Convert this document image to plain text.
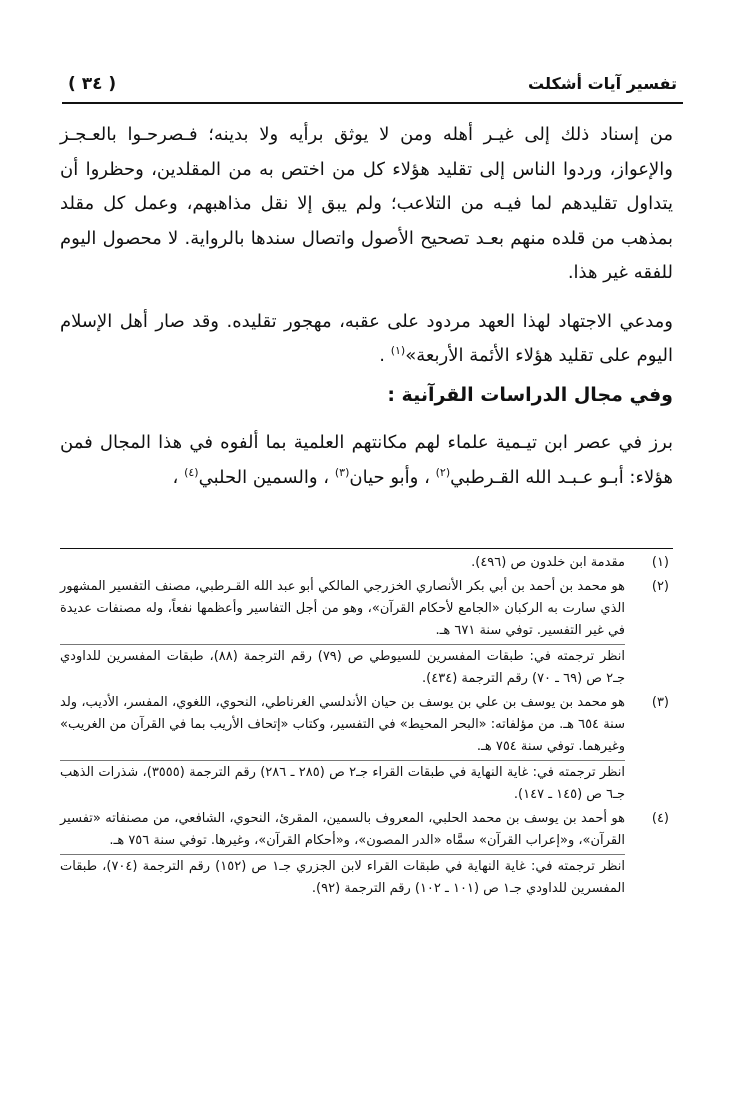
تفسير آيات أشكلت
( ٣٤ )

من إسناد ذلك إلى غيـر أهله ومن لا يوثق برأيه ولا بدينه؛ فـصرحـوا بالعـجـز والإعواز، وردوا الناس إلى تقليد هؤلاء كل من اختص به من المقلدين، وحظروا أن يتداول تقليدهم لما فيـه من التلاعب؛ ولم يبق إلا نقل مذاهبهم، وعمل كل مقلد بمذهب من قلده منهم بعـد تصحيح الأصول واتصال سندها بالرواية. لا محصول اليوم للفقه غير هذا.

ومدعي الاجتهاد لهذا العهد مردود على عقبه، مهجور تقليده. وقد صار أهل الإسلام اليوم على تقليد هؤلاء الأئمة الأربعة»$^{(١)}$ .

وفي مجال الدراسات القرآنية :

برز في عصر ابن تيـمية علماء لهم مكانتهم العلمية بما ألفوه في هذا المجال فمن هؤلاء: أبـو عـبـد الله القـرطبي$^{(٢)}$ ، وأبو حيان$^{(٣)}$ ، والسمين الحلبي$^{(٤)}$ ،

(١)

مقدمة ابن خلدون ص (٤٩٦).

(٢)

هو محمد بن أحمد بن أبي بكر الأنصاري الخزرجي المالكي أبو عبد الله القـرطبي، مصنف التفسير المشهور الذي سارت به الركبان «الجامع لأحكام القرآن»، وهو من أجل التفاسير وأعظمها نفعاً، وله مصنفات عديدة في غير التفسير. توفي سنة ٦٧١ هـ.

انظر ترجمته في: طبقات المفسرين للسيوطي ص (٧٩) رقم الترجمة (٨٨)، طبقات المفسرين للداودي جـ٢ ص (٦٩ ـ ٧٠) رقم الترجمة (٤٣٤).

(٣)

هو محمد بن يوسف بن علي بن يوسف بن حيان الأندلسي الغرناطي، النحوي، اللغوي، المفسر، الأديب، ولد سنة ٦٥٤ هـ. من مؤلفاته: «البحر المحيط» في التفسير، وكتاب «إتحاف الأريب بما في القرآن من الغريب» وغيرهما. توفي سنة ٧٥٤ هـ.

انظر ترجمته في: غاية النهاية في طبقات القراء جـ٢ ص (٢٨٥ ـ ٢٨٦) رقم الترجمة (٣٥٥٥)، شذرات الذهب جـ٦ ص (١٤٥ ـ ١٤٧).

(٤)

هو أحمد بن يوسف بن محمد الحلبي، المعروف بالسمين، المقرئ، النحوي، الشافعي، من مصنفاته «تفسير القرآن»، و«إعراب القرآن» سمَّاه «الدر المصون»، و«أحكام القرآن»، وغيرها. توفي سنة ٧٥٦ هـ.

انظر ترجمته في: غاية النهاية في طبقات القراء لابن الجزري جـ١ ص (١٥٢) رقم الترجمة (٧٠٤)، طبقات المفسرين للداودي جـ١ ص (١٠١ ـ ١٠٢) رقم الترجمة (٩٢).
